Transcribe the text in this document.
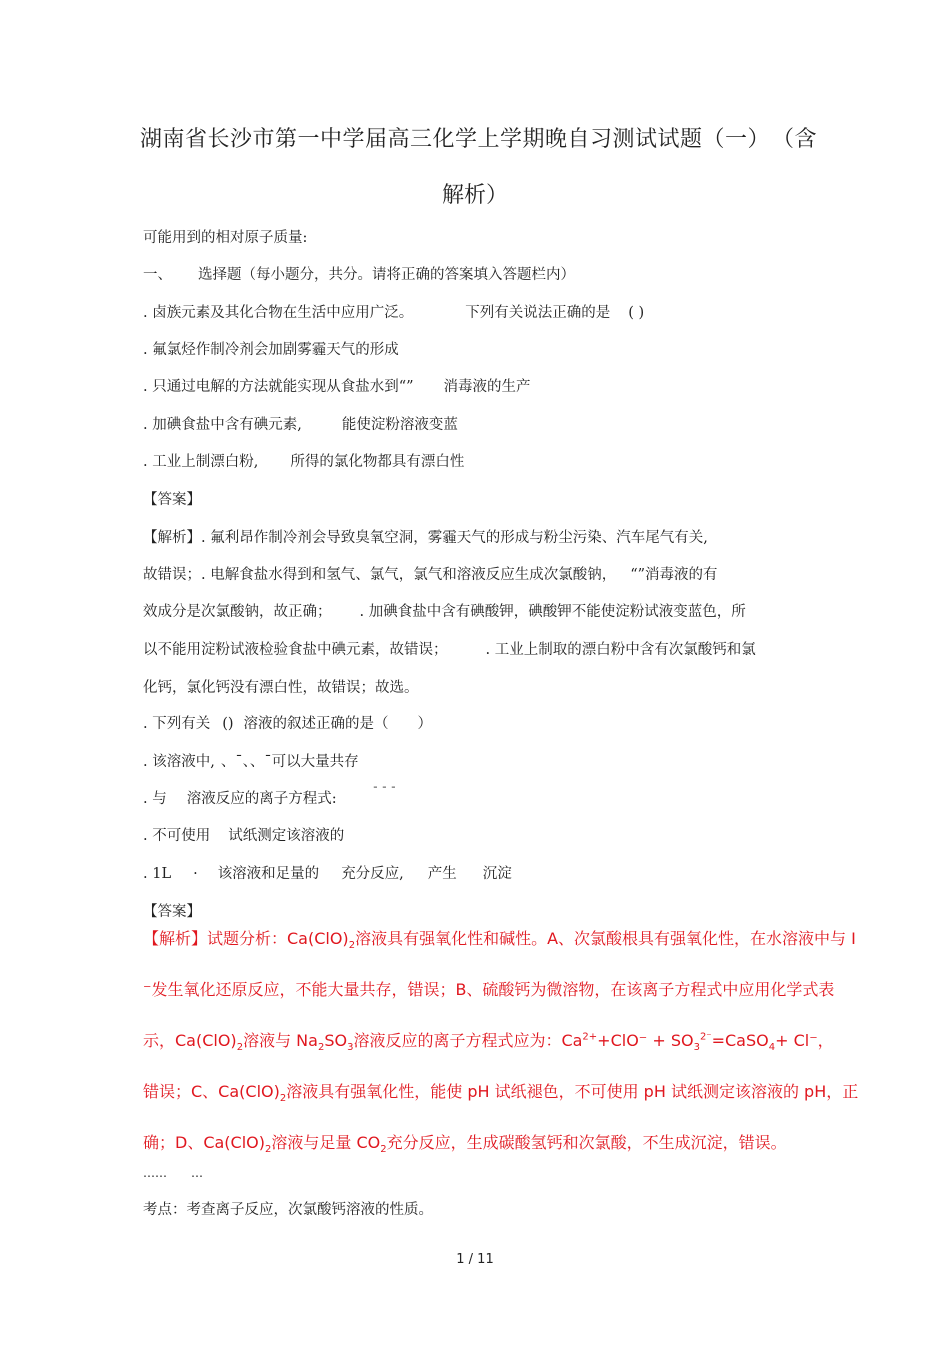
湖南省长沙市第一中学届高三化学上学期晚自习测试试题（一） （含
解析）
可能用到的相对原子质量:
一、 选择题（每小题分，共分。请将正确的答案填入答题栏内）
. 卤族元素及其化合物在生活中应用广泛。	下列有关说法正确的是 ( )
. 氟氯烃作制冷剂会加剧雾霾天气的形成
. 只通过电解的方法就能实现从食盐水到“” 消毒液的生产
. 加碘食盐中含有碘元素,	能使淀粉溶液变蓝
. 工业上制漂白粉, 所得的氯化物都具有漂白性
【答案】
【解析】. 氟利昂作制冷剂会导致臭氧空洞，雾霾天气的形成与粉尘污染、汽车尾气有关,
故错误；. 电解食盐水得到和氢气、氯气，氯气和溶液反应生成次氯酸钠， “”消毒液的有
效成分是次氯酸钠，故正确； . 加碘食盐中含有碘酸钾，碘酸钾不能使淀粉试液变蓝色，所
以不能用淀粉试液检验食盐中碘元素，故错误；	. 工业上制取的漂白粉中含有次氯酸钙和氯
化钙，氯化钙没有漂白性，故错误；故选。
. 下列有关 () 溶液的叙述正确的是（　　）
. 该溶液中, 、¯、、¯可以大量共存
. 与 溶液反应的离子方程式:	¯ ¯ ¯
. 不可使用 试纸测定该溶液的
. 1L · 该溶液和足量的 充分反应, 产生 沉淀
【答案】
【解析】试题分析：$Ca(ClO)_2$溶液具有强氧化性和碱性。A、次氯酸根具有强氧化性，在水溶液中与 I
⁻发生氧化还原反应，不能大量共存，错误；B、硫酸钙为微溶物，在该离子方程式中应用化学式表
示，$Ca(ClO)_2$溶液与 $Na_2SO_3$溶液反应的离子方程式应为：$Ca^{2+}+ClO^-$ + $SO_3^{2^-}=CaSO_4+ Cl^-$，
错误；C、$Ca(ClO)_2$溶液具有强氧化性，能使 pH 试纸褪色，不可使用 pH 试纸测定该溶液的 pH，正
确；D、$Ca(ClO)_2$溶液与足量 $CO_2$充分反应，生成碳酸氢钙和次氯酸，不生成沉淀，错误。
……　　…
考点：考查离子反应，次氯酸钙溶液的性质。
1 / 11
